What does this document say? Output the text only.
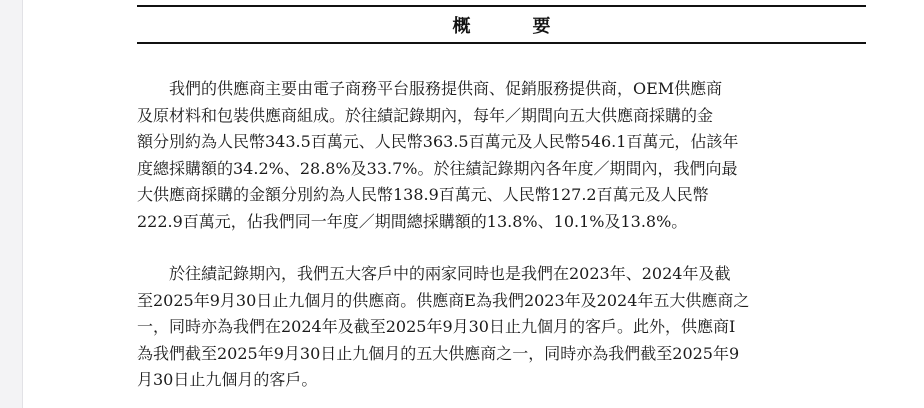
概　要

　　我們的供應商主要由電子商務平台服務提供商、促銷服務提供商，OEM供應商
及原材料和包裝供應商組成。於往績記錄期內，每年／期間向五大供應商採購的金
額分別約為人民幣343.5百萬元、人民幣363.5百萬元及人民幣546.1百萬元，佔該年
度總採購額的34.2%、28.8%及33.7%。於往績記錄期內各年度／期間內，我們向最
大供應商採購的金額分別約為人民幣138.9百萬元、人民幣127.2百萬元及人民幣
222.9百萬元，佔我們同一年度／期間總採購額的13.8%、10.1%及13.8%。

　　於往績記錄期內，我們五大客戶中的兩家同時也是我們在2023年、2024年及截
至2025年9月30日止九個月的供應商。供應商E為我們2023年及2024年五大供應商之
一，同時亦為我們在2024年及截至2025年9月30日止九個月的客戶。此外，供應商I
為我們截至2025年9月30日止九個月的五大供應商之一，同時亦為我們截至2025年9
月30日止九個月的客戶。
